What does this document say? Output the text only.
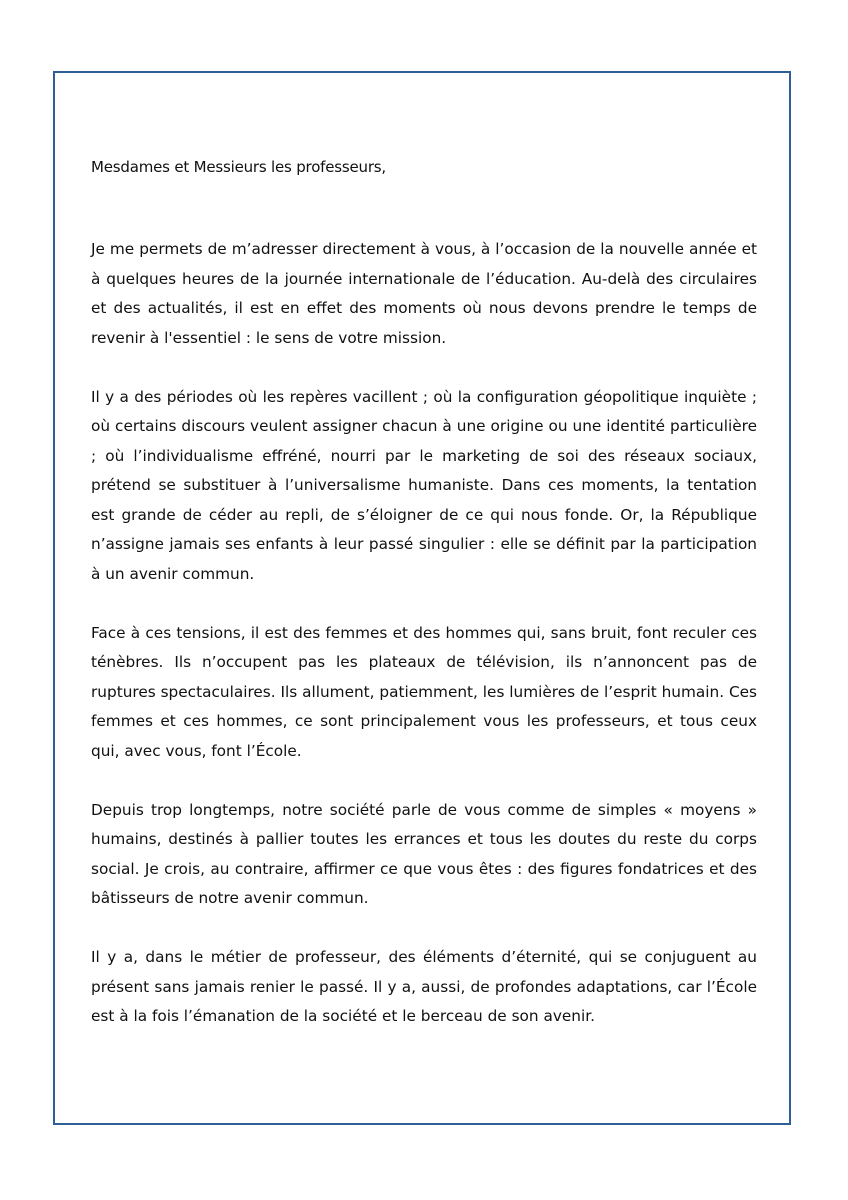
Mesdames et Messieurs les professeurs,

Je me permets de m’adresser directement à vous, à l’occasion de la nouvelle année et à quelques heures de la journée internationale de l’éducation. Au-delà des circulaires et des actualités, il est en effet des moments où nous devons prendre le temps de revenir à l'essentiel : le sens de votre mission.

Il y a des périodes où les repères vacillent ; où la configuration géopolitique inquiète ; où certains discours veulent assigner chacun à une origine ou une identité particulière ; où l’individualisme effréné, nourri par le marketing de soi des réseaux sociaux, prétend se substituer à l’universalisme humaniste. Dans ces moments, la tentation est grande de céder au repli, de s’éloigner de ce qui nous fonde. Or, la République n’assigne jamais ses enfants à leur passé singulier : elle se définit par la participation à un avenir commun.

Face à ces tensions, il est des femmes et des hommes qui, sans bruit, font reculer ces ténèbres. Ils n’occupent pas les plateaux de télévision, ils n’annoncent pas de ruptures spectaculaires. Ils allument, patiemment, les lumières de l’esprit humain. Ces femmes et ces hommes, ce sont principalement vous les professeurs, et tous ceux qui, avec vous, font l’École.

Depuis trop longtemps, notre société parle de vous comme de simples « moyens » humains, destinés à pallier toutes les errances et tous les doutes du reste du corps social. Je crois, au contraire, affirmer ce que vous êtes : des figures fondatrices et des bâtisseurs de notre avenir commun.

Il y a, dans le métier de professeur, des éléments d’éternité, qui se conjuguent au présent sans jamais renier le passé. Il y a, aussi, de profondes adaptations, car l’École est à la fois l’émanation de la société et le berceau de son avenir.
